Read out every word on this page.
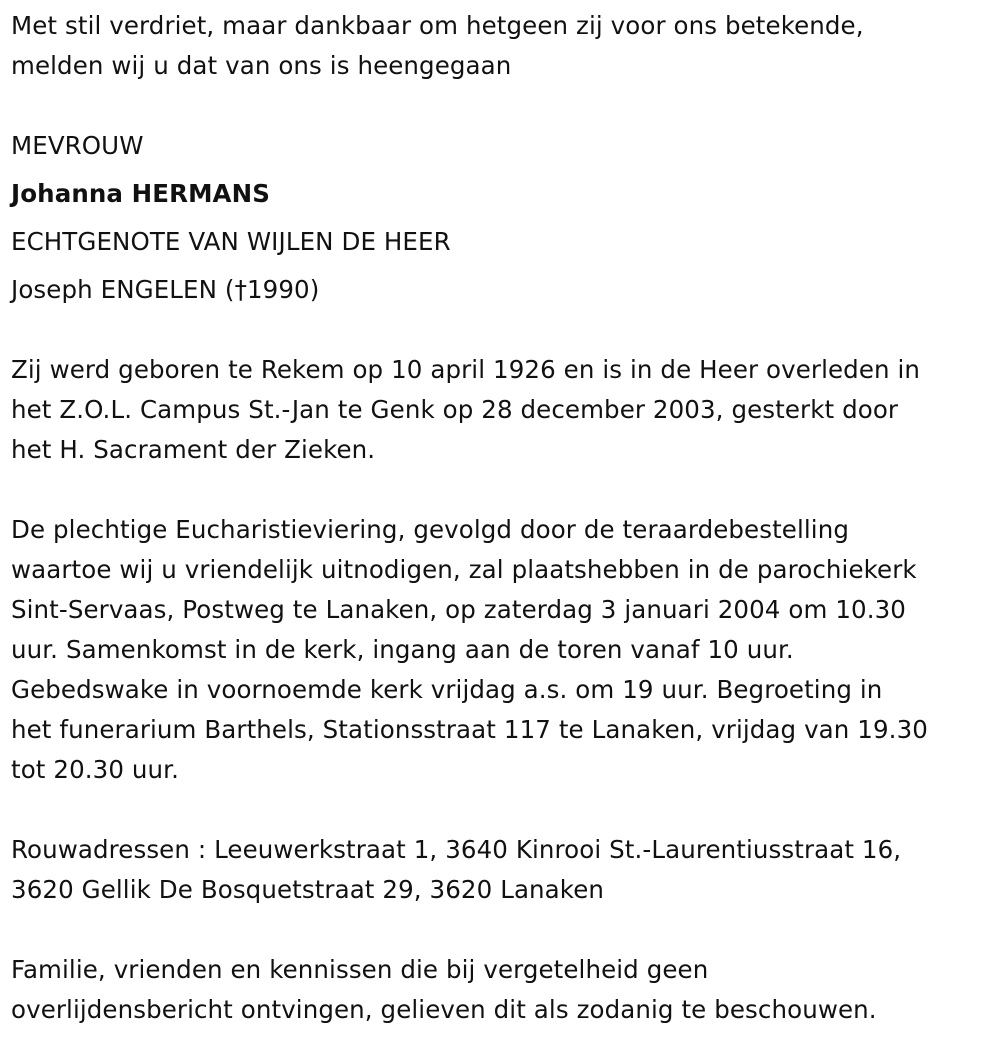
Met stil verdriet, maar dankbaar om hetgeen zij voor ons betekende,
melden wij u dat van ons is heengegaan

MEVROUW
Johanna HERMANS
ECHTGENOTE VAN WIJLEN DE HEER
Joseph ENGELEN (†1990)

Zij werd geboren te Rekem op 10 april 1926 en is in de Heer overleden in
het Z.O.L. Campus St.-Jan te Genk op 28 december 2003, gesterkt door
het H. Sacrament der Zieken.

De plechtige Eucharistieviering, gevolgd door de teraardebestelling
waartoe wij u vriendelijk uitnodigen, zal plaatshebben in de parochiekerk
Sint-Servaas, Postweg te Lanaken, op zaterdag 3 januari 2004 om 10.30
uur. Samenkomst in de kerk, ingang aan de toren vanaf 10 uur.
Gebedswake in voornoemde kerk vrijdag a.s. om 19 uur. Begroeting in
het funerarium Barthels, Stationsstraat 117 te Lanaken, vrijdag van 19.30
tot 20.30 uur.

Rouwadressen : Leeuwerkstraat 1, 3640 Kinrooi St.-Laurentiusstraat 16,
3620 Gellik De Bosquetstraat 29, 3620 Lanaken

Familie, vrienden en kennissen die bij vergetelheid geen
overlijdensbericht ontvingen, gelieven dit als zodanig te beschouwen.
